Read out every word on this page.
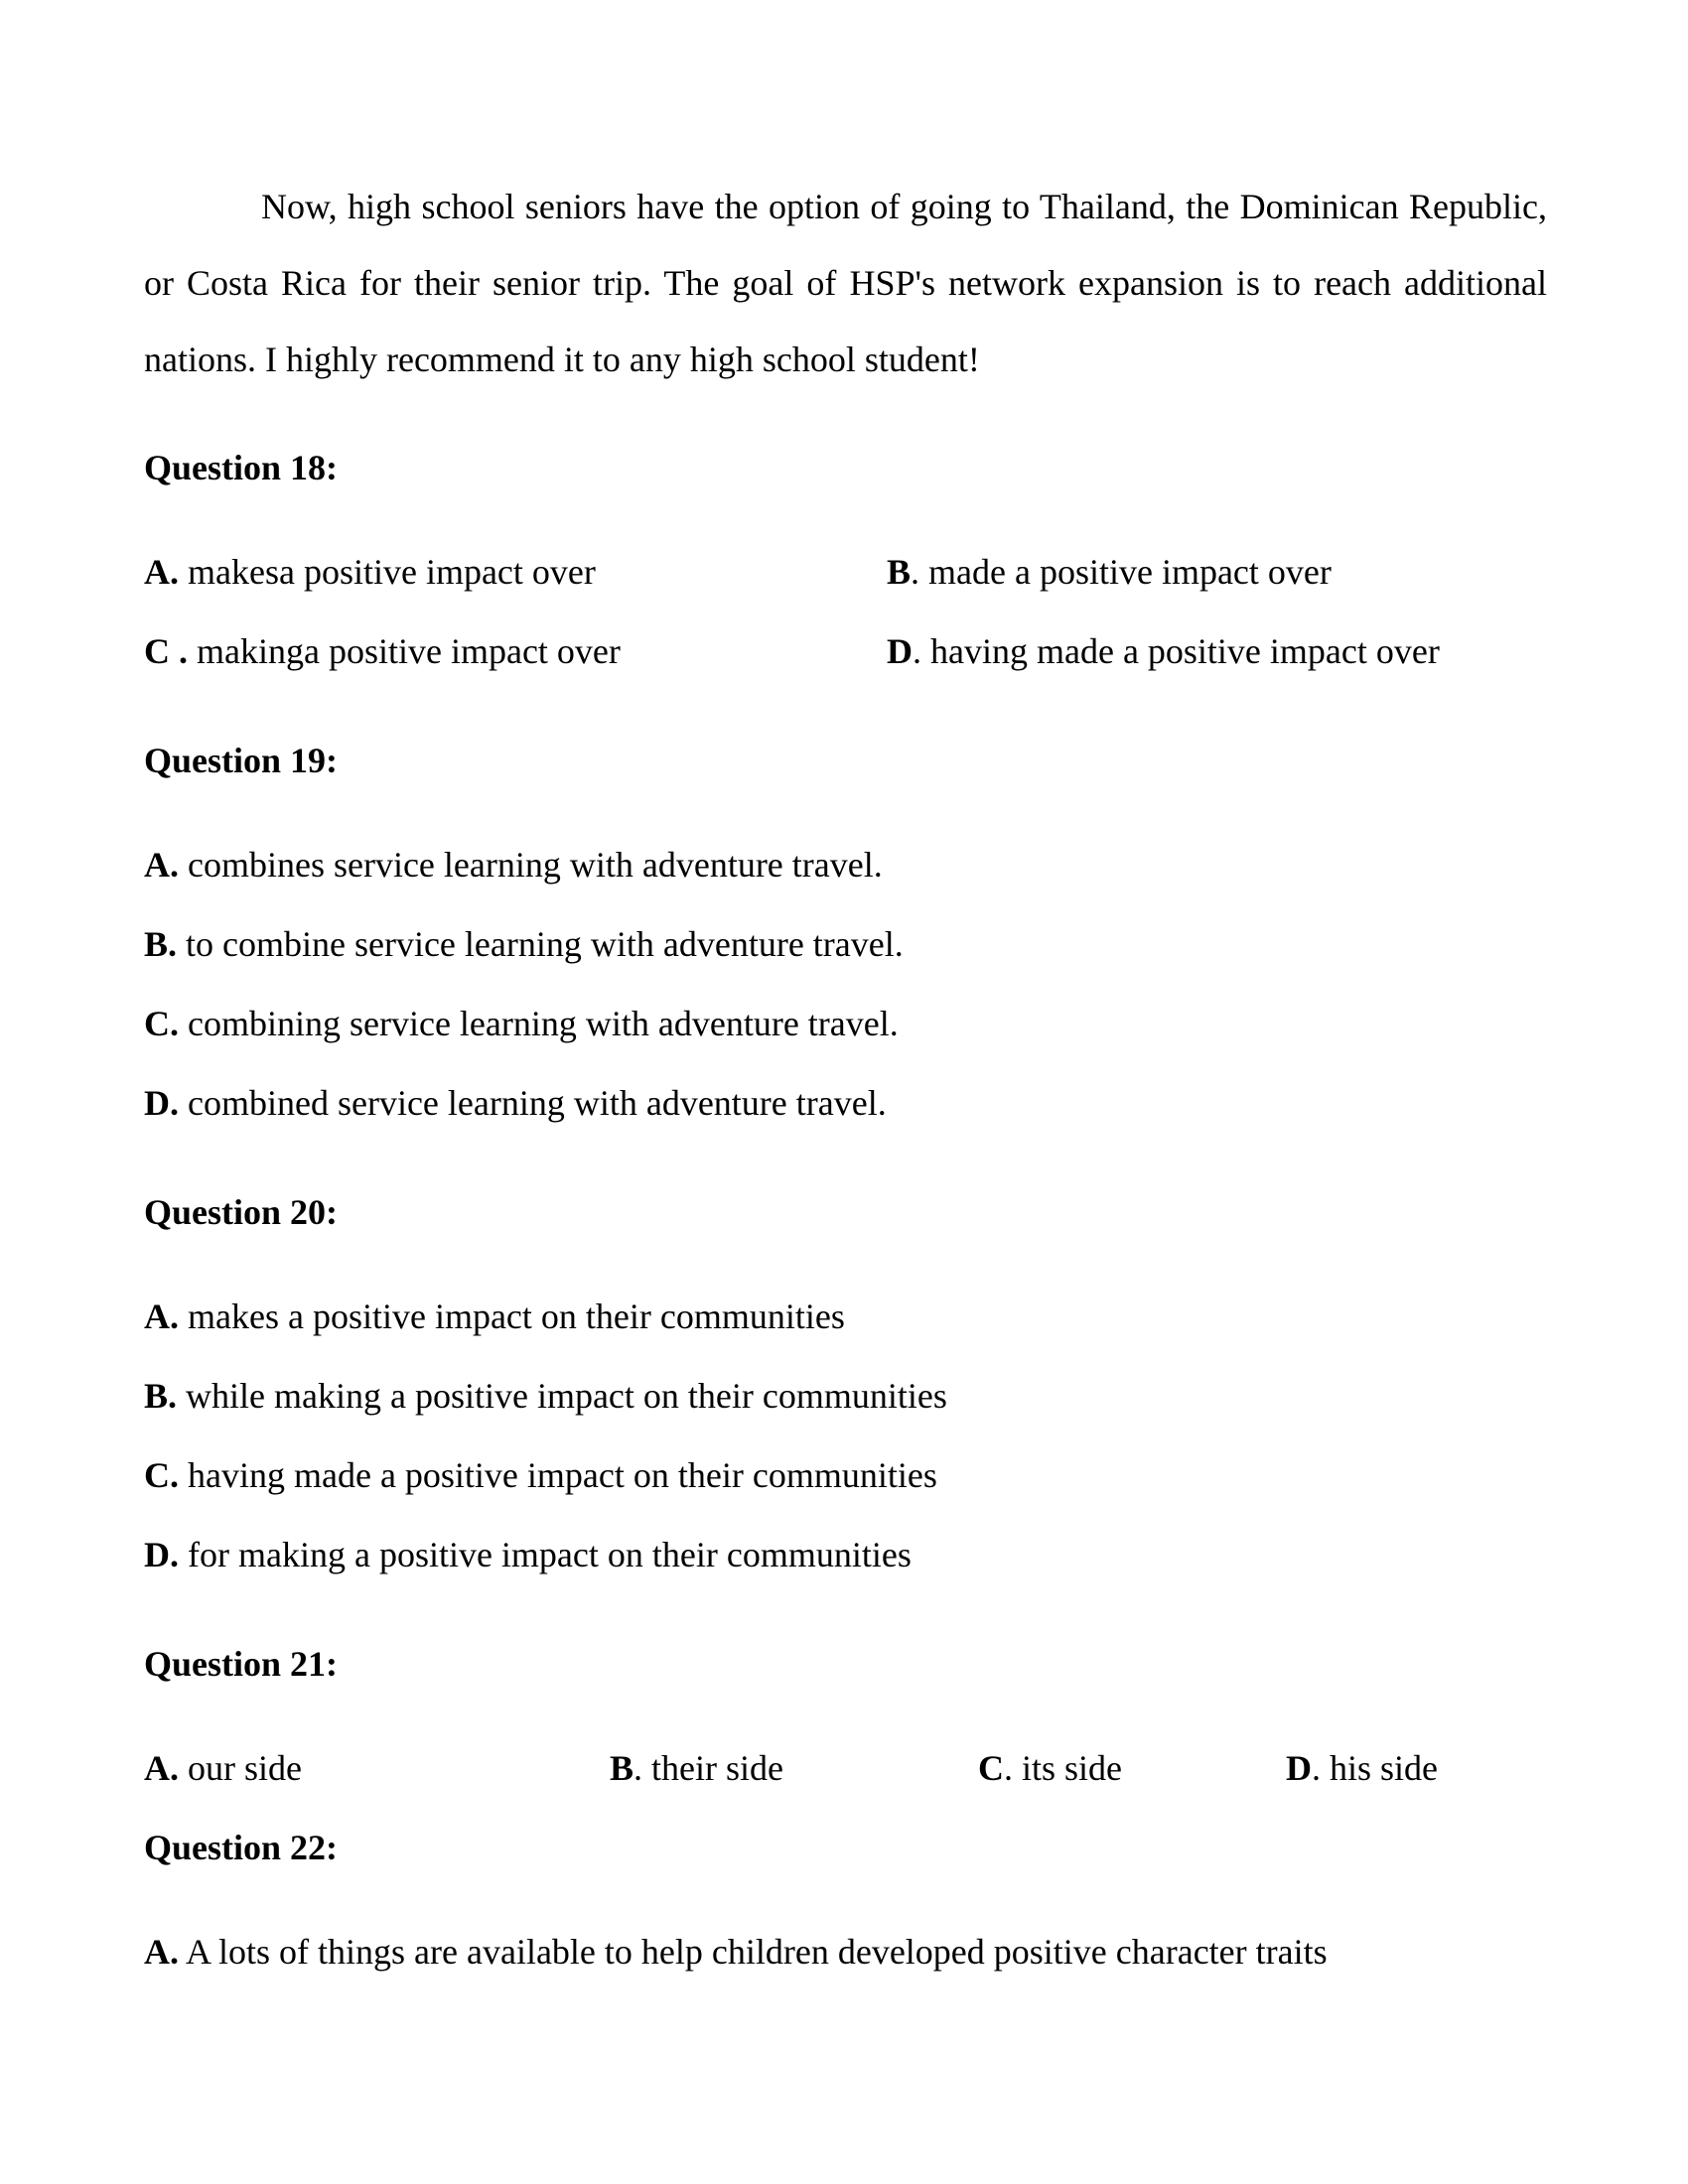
Now, high school seniors have the option of going to Thailand, the Dominican Republic, or Costa Rica for their senior trip. The goal of HSP's network expansion is to reach additional nations. I highly recommend it to any high school student!

Question 18:
A. makesa positive impact over	B. made a positive impact over
C . makinga positive impact over	D. having made a positive impact over
Question 19:
A. combines service learning with adventure travel.
B. to combine service learning with adventure travel.
C. combining service learning with adventure travel.
D. combined service learning with adventure travel.
Question 20:
A. makes a positive impact on their communities
B. while making a positive impact on their communities
C. having made a positive impact on their communities
D. for making a positive impact on their communities
Question 21:
A. our side	B. their side	C. its side	D. his side
Question 22:
A. A lots of things are available to help children developed positive character traits
